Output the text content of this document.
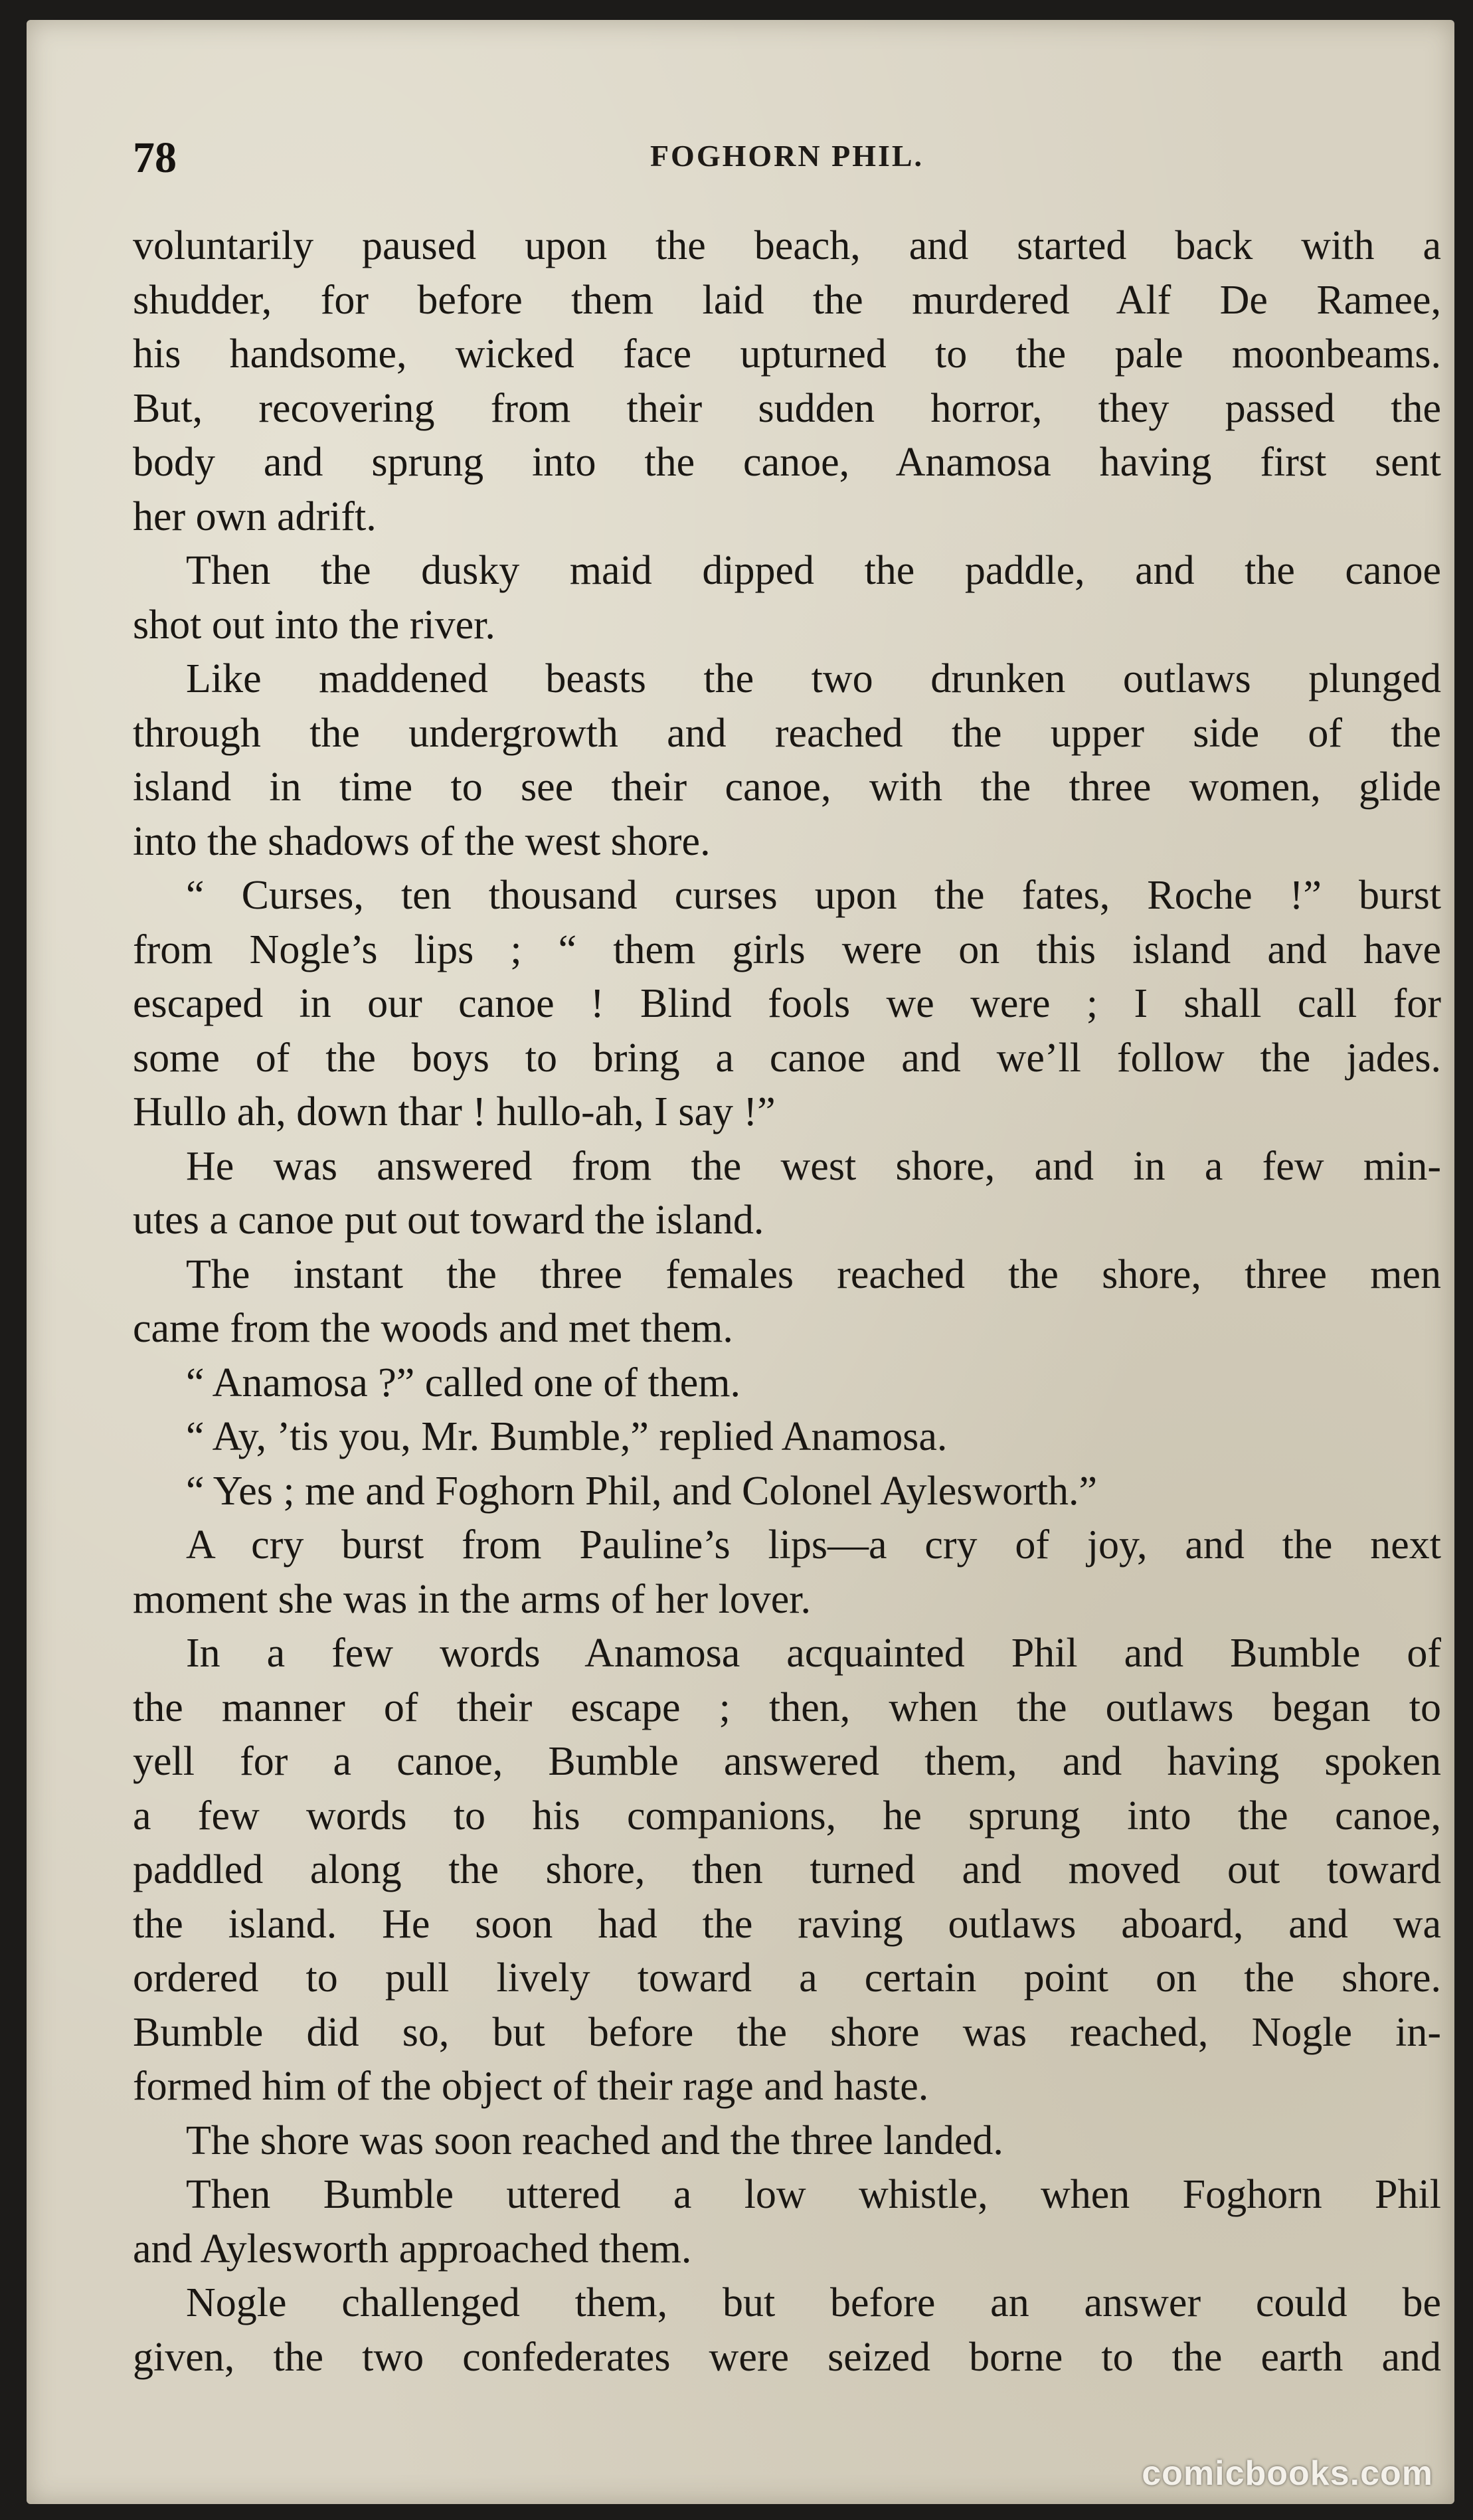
78	FOGHORN PHIL.
voluntarily paused upon the beach, and started back with a
shudder, for before them laid the murdered Alf De Ramee,
his handsome, wicked face upturned to the pale moonbeams.
But, recovering from their sudden horror, they passed the
body and sprung into the canoe, Anamosa having first sent
her own adrift.
Then the dusky maid dipped the paddle, and the canoe
shot out into the river.
Like maddened beasts the two drunken outlaws plunged
through the undergrowth and reached the upper side of the
island in time to see their canoe, with the three women, glide
into the shadows of the west shore.
“ Curses, ten thousand curses upon the fates, Roche !” burst
from Nogle’s lips ; “ them girls were on this island and have
escaped in our canoe ! Blind fools we were ; I shall call for
some of the boys to bring a canoe and we’ll follow the jades.
Hullo ah, down thar ! hullo-ah, I say !”
He was answered from the west shore, and in a few min-
utes a canoe put out toward the island.
The instant the three females reached the shore, three men
came from the woods and met them.
“ Anamosa ?” called one of them.
“ Ay, ’tis you, Mr. Bumble,” replied Anamosa.
“ Yes ; me and Foghorn Phil, and Colonel Aylesworth.”
A cry burst from Pauline’s lips—a cry of joy, and the next
moment she was in the arms of her lover.
In a few words Anamosa acquainted Phil and Bumble of
the manner of their escape ; then, when the outlaws began to
yell for a canoe, Bumble answered them, and having spoken
a few words to his companions, he sprung into the canoe,
paddled along the shore, then turned and moved out toward
the island. He soon had the raving outlaws aboard, and wa
ordered to pull lively toward a certain point on the shore.
Bumble did so, but before the shore was reached, Nogle in-
formed him of the object of their rage and haste.
The shore was soon reached and the three landed.
Then Bumble uttered a low whistle, when Foghorn Phil
and Aylesworth approached them.
Nogle challenged them, but before an answer could be
given, the two confederates were seized borne to the earth and
comicbooks.com
